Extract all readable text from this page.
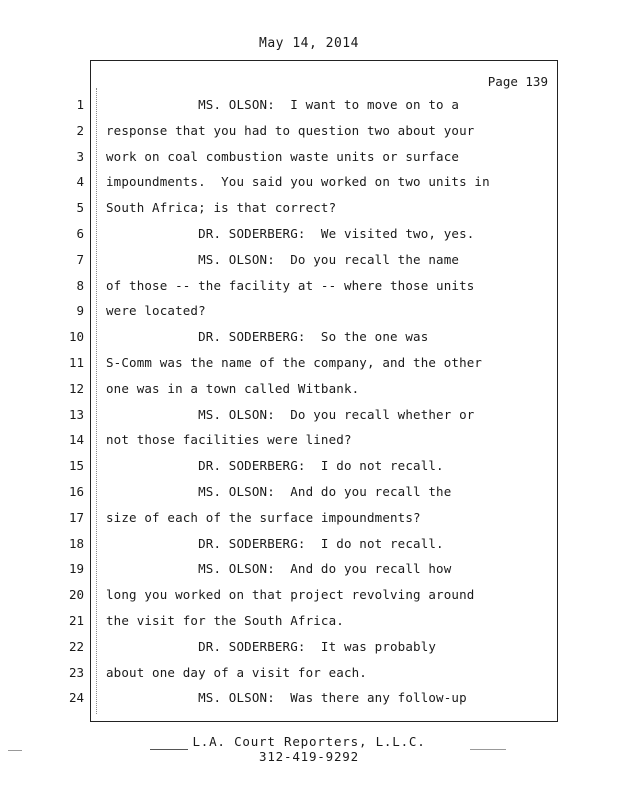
May 14, 2014
Page 139
1
2
3
4
5
6
7
8
9
10
11
12
13
14
15
16
17
18
19
20
21
22
23
24
MS. OLSON:  I want to move on to a
response that you had to question two about your
work on coal combustion waste units or surface
impoundments.  You said you worked on two units in
South Africa; is that correct?
DR. SODERBERG:  We visited two, yes.
MS. OLSON:  Do you recall the name
of those -- the facility at -- where those units
were located?
DR. SODERBERG:  So the one was
S-Comm was the name of the company, and the other
one was in a town called Witbank.
MS. OLSON:  Do you recall whether or
not those facilities were lined?
DR. SODERBERG:  I do not recall.
MS. OLSON:  And do you recall the
size of each of the surface impoundments?
DR. SODERBERG:  I do not recall.
MS. OLSON:  And do you recall how
long you worked on that project revolving around
the visit for the South Africa.
DR. SODERBERG:  It was probably
about one day of a visit for each.
MS. OLSON:  Was there any follow-up
L.A. Court Reporters, L.L.C.
312-419-9292
